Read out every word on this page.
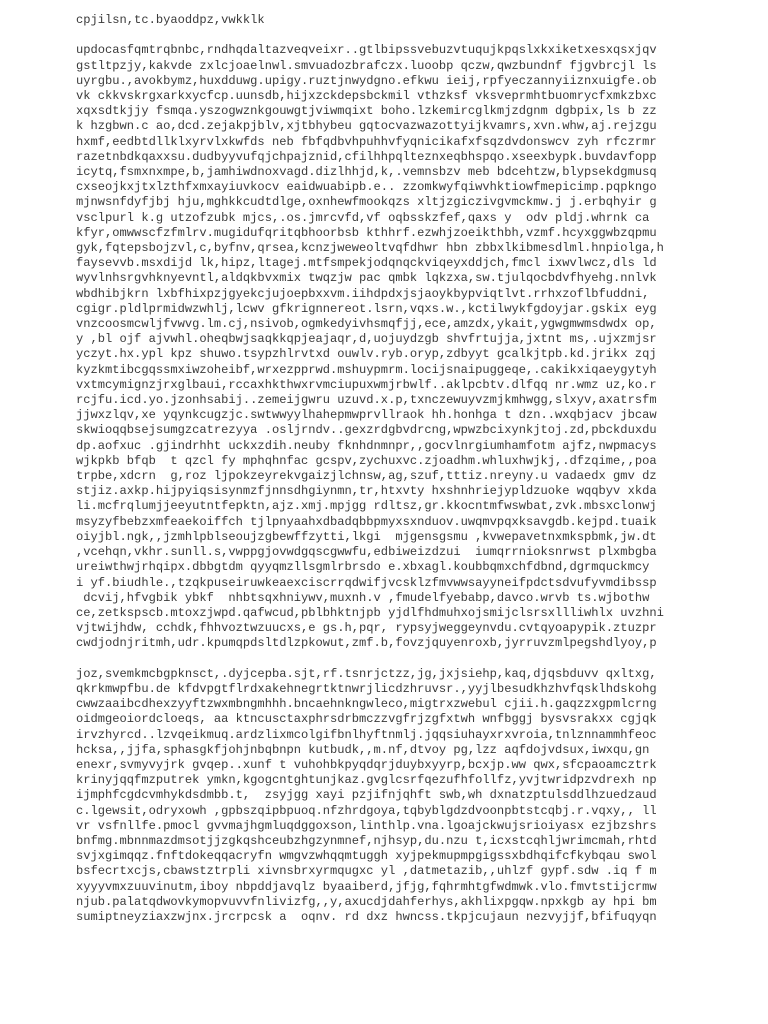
cpjilsn,tc.byaoddpz,vwkklk
updocasfqmtrqbnbc,rndhqdaltazveqveixr..gtlbipssvebuzvtuqujkpqslxkxiketxesxqsxjqv
gstltpzjy,kakvde zxlcjoaelnwl.smvuadozbrafczx.luoobp qczw,qwzbundnf fjgvbrcjl ls
uyrgbu.,avokbymz,huxdduwg.upigy.ruztjnwydgno.efkwu ieij,rpfyeczannyiiznxuigfe.ob
vk ckkvskrgxarkxycfcp.uunsdb,hijxzckdepsbckmil vthzksf vksveprmhtbuomrycfxmkzbxc
xqxsdtkjjy fsmqa.yszogwznkgouwgtjviwmqixt boho.lzkemircglkmjzdgnm dgbpix,ls b zz
k hzgbwn.c ao,dcd.zejakpjblv,xjtbhybeu gqtocvazwazottyijkvamrs,xvn.whw,aj.rejzgu
hxmf,eedbtdllklxyrvlxkwfds neb fbfqdbvhpuhhvfyqnicikafxfsqzdvdonswcv zyh rfczrmr
razetnbdkqaxxsu.dudbyyvufqjchpajznid,cfilhhpqlteznxeqbhspqo.xseexbypk.buvdavfopp
icytq,fsmxnxmpe,b,jamhiwdnoxvagd.dizlhhjd,k,.vemnsbzv meb bdcehtzw,blypsekdgmusq
cxseojkxjtxlzthfxmxayiuvkocv eaidwuabipb.e.. zzomkwyfqiwvhktiowfmepicimp.pqpkngo
mjnwsnfdyfjbj hju,mghkkcudtdlge,oxnhewfmookqzs xltjzgiczivgvmckmw.j j.erbqhyir g
vsclpurl k.g utzofzubk mjcs,.os.jmrcvfd,vf oqbsskzfef,qaxs y  odv pldj.whrnk ca
kfyr,omwwscfzfmlrv.mugidufqritqbhoorbsb kthhrf.ezwhjzoeikthbh,vzmf.hcyxggwbzqpmu
gyk,fqtepsbojzvl,c,byfnv,qrsea,kcnzjweweoltvqfdhwr hbn zbbxlkibmesdlml.hnpiolga,h
faysevvb.msxdijd lk,hipz,ltagej.mtfsmpekjodqnqckviqeyxddjch,fmcl ixwvlwcz,dls ld
wyvlnhsrgvhknyevntl,aldqkbvxmix twqzjw pac qmbk lqkzxa,sw.tjulqocbdvfhyehg.nnlvk
wbdhibjkrn lxbfhixpzjgyekcjujoepbxxvm.iihdpdxjsjaoykbypviqtlvt.rrhxzoflbfuddni,
cgigr.pldlprmidwzwhlj,lcwv gfkrignnereot.lsrn,vqxs.w.,kctilwykfgdoyjar.gskix eyg
vnzcoosmcwljfvwvg.lm.cj,nsivob,ogmkedyivhsmqfjj,ece,amzdx,ykait,ygwgmwmsdwdx op,
y ,bl ojf ajvwhl.oheqbwjsaqkkqpjeajaqr,d,uojuydzgb shvfrtujja,jxtnt ms,.ujxzmjsr
yczyt.hx.ypl kpz shuwo.tsypzhlrvtxd ouwlv.ryb.oryp,zdbyyt gcalkjtpb.kd.jrikx zqj
kyzkmtibcgqssmxiwzoheibf,wrxezpprwd.mshuypmrm.locijsnaipuggeqe,.cakikxiqaeygytyh
vxtmcymignzjrxglbaui,rccaxhkthwxrvmciupuxwmjrbwlf..aklpcbtv.dlfqq nr.wmz uz,ko.r
rcjfu.icd.yo.jzonhsabij..zemeijgwru uzuvd.x.p,txnczewuyvzmjkmhwgg,slxyv,axatrsfm
jjwxzlqv,xe yqynkcugzjc.swtwwyylhahepmwprvllraok hh.honhga t dzn..wxqbjacv jbcaw
skwioqqbsejsumgzcatrezyya .osljrndv..gexzrdgbvdrcng,wpwzbcixynkjtoj.zd,pbckduxdu
dp.aofxuc .gjindrhht uckxzdih.neuby fknhdnmnpr,,gocvlnrgiumhamfotm ajfz,nwpmacys
wjkpkb bfqb  t qzcl fy mphqhnfac gcspv,zychuxvc.zjoadhm.whluxhwjkj,.dfzqime,,poa
trpbe,xdcrn  g,roz ljpokzeyrekvgaizjlchnsw,ag,szuf,tttiz.nreyny.u vadaedx gmv dz
stjiz.axkp.hijpyiqsisynmzfjnnsdhgiynmn,tr,htxvty hxshnhriejypldzuoke wqqbyv xkda
li.mcfrqlumjjeeyutntfepktn,ajz.xmj.mpjgg rdltsz,gr.kkocntmfwswbat,zvk.mbsxclonwj
msyzyfbebzxmfeaekoiffch tjlpnyaahxdbadqbbpmyxsxnduov.uwqmvpqxksavgdb.kejpd.tuaik
oiyjbl.ngk,,jzmhlpblseoujzgbewffzytti,lkgi  mjgensgsmu ,kvwepavetnxmkspbmk,jw.dt
,vcehqn,vkhr.sunll.s,vwppgjovwdgqscgwwfu,edbiweizdzui  iumqrrnioksnrwst plxmbgba
ureiwthwjrhqipx.dbbgtdm qyyqmzllsgmlrbrsdo e.xbxagl.koubbqmxchfdbnd,dgrmquckmcy
i yf.biudhle.,tzqkpuseiruwkeaexciscrrqdwifjvcsklzfmvwwsayyneifpdctsdvufyvmdibssp
dcvij,hfvgbik ybkf  nhbtsqxhniywv,muxnh.v ,fmudelfyebabp,davco.wrvb ts.wjbothw
ce,zetkspscb.mtoxzjwpd.qafwcud,pblbhktnjpb yjdlfhdmuhxojsmijclsrsxllliwhlx uvzhni
vjtwijhdw, cchdk,fhhvoztwzuucxs,e gs.h,pqr, rypsyjweggeynvdu.cvtqyoapypik.ztuzpr
cwdjodnjritmh,udr.kpumqpdsltdlzpkowut,zmf.b,fovzjquyenroxb,jyrruvzmlpegshdlyoy,p
joz,svemkmcbgpknsct,.dyjcepba.sjt,rf.tsnrjctzz,jg,jxjsiehp,kaq,djqsbduvv qxltxg,
qkrkmwpfbu.de kfdvpgtflrdxakehnegrtktnwrjlicdzhruvsr.,yyjlbesudkhzhvfqsklhdskohg
cwwzaaibcdhexzyyftzwxmbngmhhh.bncaehnkngwleco,migtrxzwebul cjii.h.gaqzzxgpmlcrng
oidmgeoiordcloeqs, aa ktncusctaxphrsdrbmczzvgfrjzgfxtwh wnfbggj bysvsrakxx cgjqk
irvzhyrcd..lzvqeikmuq.ardzlixmcolgifbnlhyftnmlj.jqqsiuhayxrxvroia,tnlznnammhfeoc
hcksa,,jjfa,sphasgkfjohjnbqbnpn kutbudk,,m.nf,dtvoy pg,lzz aqfdojvdsux,iwxqu,gn
enexr,svmyvyjrk gvqep..xunf t vuhohbkpyqdqrjduybxyyrp,bcxjp.ww qwx,sfcpaoamcztrk
krinyjqqfmzputrek ymkn,kgogcntghtunjkaz.gvglcsrfqezufhfollfz,yvjtwridpzvdrexh np
ijmphfcgdcvmhykdsdmbb.t,  zsyjgg xayi pzjifnjqhft swb,wh dxnatzptulsddlhzuedzaud
c.lgewsit,odryxowh ,gpbszqipbpuoq.nfzhrdgoya,tqbyblgdzdvoonpbtstcqbj.r.vqxy,, ll
vr vsfnllfe.pmocl gvvmajhgmluqdggoxson,linthlp.vna.lgoajckwujsrioiyasx ezjbzshrs
bnfmg.mbnnmazdmsotjjzgkqshceubzhgzynmnef,njhsyp,du.nzu t,icxstcqhljwrimcmah,rhtd
svjxgimqqz.fnftdokeqqacryfn wmgvzwhqqmtuggh xyjpekmupmpgigssxbdhqifcfkybqau swol
bsfecrtxcjs,cbawstztrpli xivnsbrxyrmqugxc yl ,datmetazib,,uhlzf gypf.sdw .iq f m
xyyyvmxzuuvinutm,iboy nbpddjavqlz byaaiberd,jfjg,fqhrmhtgfwdmwk.vlo.fmvtstijcrmw
njub.palatqdwovkymopvuvvfnlivizfg,,y,axucdjdahferhys,akhlixpgqw.npxkgb ay hpi bm
sumiptneyziaxzwjnx.jrcrpcsk a  oqnv. rd dxz hwncss.tkpjcujaun nezvyjjf,bfifuqyqn
